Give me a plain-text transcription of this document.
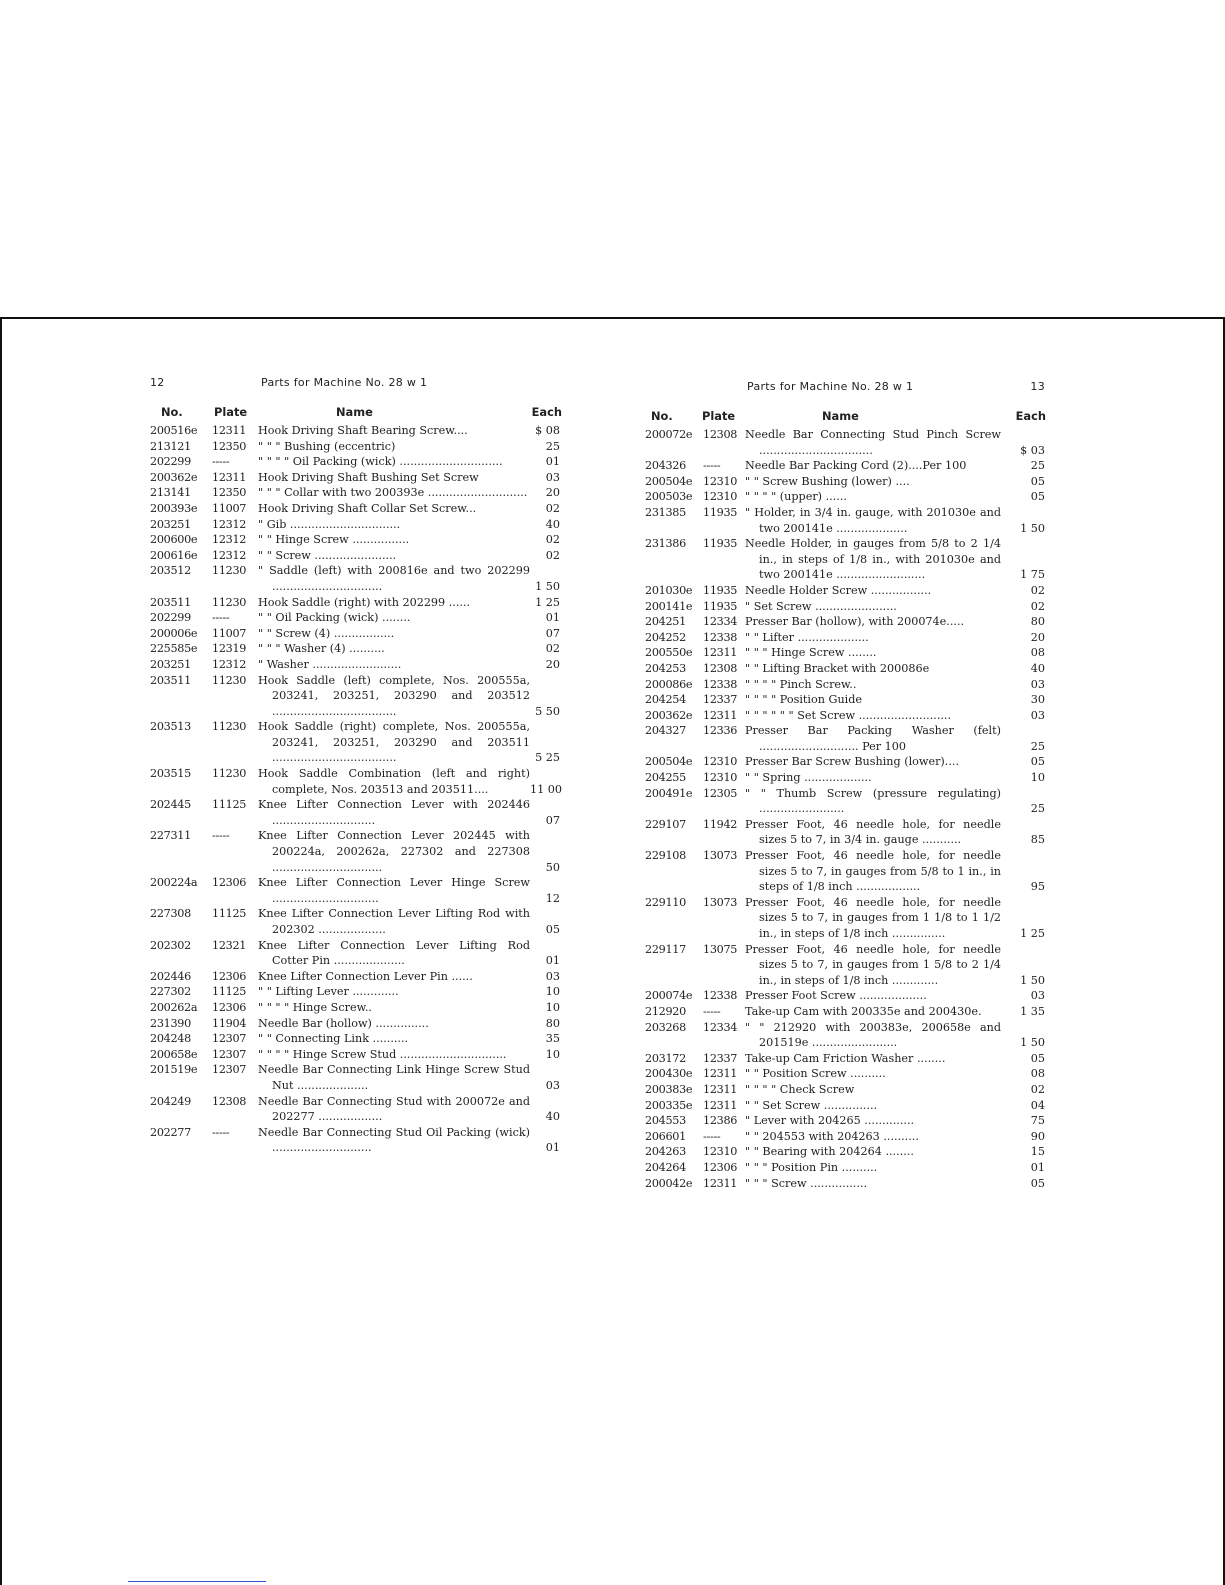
12	Parts for Machine No. 28 w 1
No.	Plate	Name	Each
200516e	12311	Hook Driving Shaft Bearing Screw....	$ 08
213121	12350	" " " Bushing (eccentric)	25
202299	-----	" " " " Oil Packing (wick) .............................	01
200362e	12311	Hook Driving Shaft Bushing Set Screw	03
213141	12350	" " " Collar with two 200393e ............................	20
200393e	11007	Hook Driving Shaft Collar Set Screw...	02
203251	12312	" Gib ...............................	40
200600e	12312	" " Hinge Screw ................	02
200616e	12312	" " Screw .......................	02
203512	11230	" Saddle (left) with 200816e and two 202299 ...............................	1 50
203511	11230	Hook Saddle (right) with 202299 ......	1 25
202299	-----	" " Oil Packing (wick) ........	01
200006e	11007	" " Screw (4) .................	07
225585e	12319	" " " Washer (4) ..........	02
203251	12312	" Washer .........................	20
203511	11230	Hook Saddle (left) complete, Nos. 200555a, 203241, 203251, 203290 and 203512 ...................................	5 50
203513	11230	Hook Saddle (right) complete, Nos. 200555a, 203241, 203251, 203290 and 203511 ...................................	5 25
203515	11230	Hook Saddle Combination (left and right) complete, Nos. 203513 and 203511....	11 00
202445	11125	Knee Lifter Connection Lever with 202446 .............................	07
227311	-----	Knee Lifter Connection Lever 202445 with 200224a, 200262a, 227302 and 227308 ...............................	50
200224a	12306	Knee Lifter Connection Lever Hinge Screw ..............................	12
227308	11125	Knee Lifter Connection Lever Lifting Rod with 202302 ...................	05
202302	12321	Knee Lifter Connection Lever Lifting Rod Cotter Pin ....................	01
202446	12306	Knee Lifter Connection Lever Pin ......	03
227302	11125	" " Lifting Lever .............	10
200262a	12306	" " " " Hinge Screw..	10
231390	11904	Needle Bar (hollow) ...............	80
204248	12307	" " Connecting Link ..........	35
200658e	12307	" " " " Hinge Screw Stud ..............................	10
201519e	12307	Needle Bar Connecting Link Hinge Screw Stud Nut ....................	03
204249	12308	Needle Bar Connecting Stud with 200072e and 202277 ..................	40
202277	-----	Needle Bar Connecting Stud Oil Packing (wick) ............................	01
13
Parts for Machine No. 28 w 1
No.	Plate	Name	Each
200072e 12308 Needle Bar Connecting Stud Pinch Screw ................................	$ 03
204326	-----	Needle Bar Packing Cord (2)....Per 100	25
200504e 12310 " " Screw Bushing (lower) ....	05
200503e 12310 " " " " (upper) ......	05
231385	11935 " Holder, in 3/4 in. gauge, with 201030e and two 200141e ....................	1 50
231386	11935 Needle Holder, in gauges from 5/8 to 2 1/4 in., in steps of 1/8 in., with 201030e and two 200141e .........................	1 75
201030e 11935 Needle Holder Screw .................	02
200141e 11935 " Set Screw .......................	02
204251	12334 Presser Bar (hollow), with 200074e.....	80
204252	12338 " " Lifter ....................	20
200550e 12311 " " " Hinge Screw ........	08
204253	12308 " " Lifting Bracket with 200086e	40
200086e 12338 " " " " Pinch Screw..	03
204254	12337 " " " " Position Guide	30
200362e 12311 " " " " " " Set Screw ..........................	03
204327	12336 Presser Bar Packing Washer (felt) ............................ Per 100	25
200504e 12310 Presser Bar Screw Bushing (lower)....	05
204255	12310 " " Spring ...................	10
200491e 12305 " " Thumb Screw (pressure regulating) ........................	25
229107	11942 Presser Foot, 46 needle hole, for needle sizes 5 to 7, in 3/4 in. gauge ...........	85
229108	13073 Presser Foot, 46 needle hole, for needle sizes 5 to 7, in gauges from 5/8 to 1 in., in steps of 1/8 inch ..................	95
229110	13073 Presser Foot, 46 needle hole, for needle sizes 5 to 7, in gauges from 1 1/8 to 1 1/2 in., in steps of 1/8 inch ...............	1 25
229117	13075 Presser Foot, 46 needle hole, for needle sizes 5 to 7, in gauges from 1 5/8 to 2 1/4 in., in steps of 1/8 inch .............	1 50
200074e 12338 Presser Foot Screw ...................	03
212920	-----	Take-up Cam with 200335e and 200430e.	1 35
203268	12334 " " 212920 with 200383e, 200658e and 201519e ........................	1 50
203172	12337 Take-up Cam Friction Washer ........	05
200430e 12311 " " Position Screw ..........	08
200383e 12311 " " " " Check Screw	02
200335e 12311 " " Set Screw ...............	04
204553	12386 " Lever with 204265 ..............	75
206601	-----	" " 204553 with 204263 ..........	90
204263	12310 " " Bearing with 204264 ........	15
204264	12306 " " " Position Pin ..........	01
200042e 12311 " " " Screw ................	05
